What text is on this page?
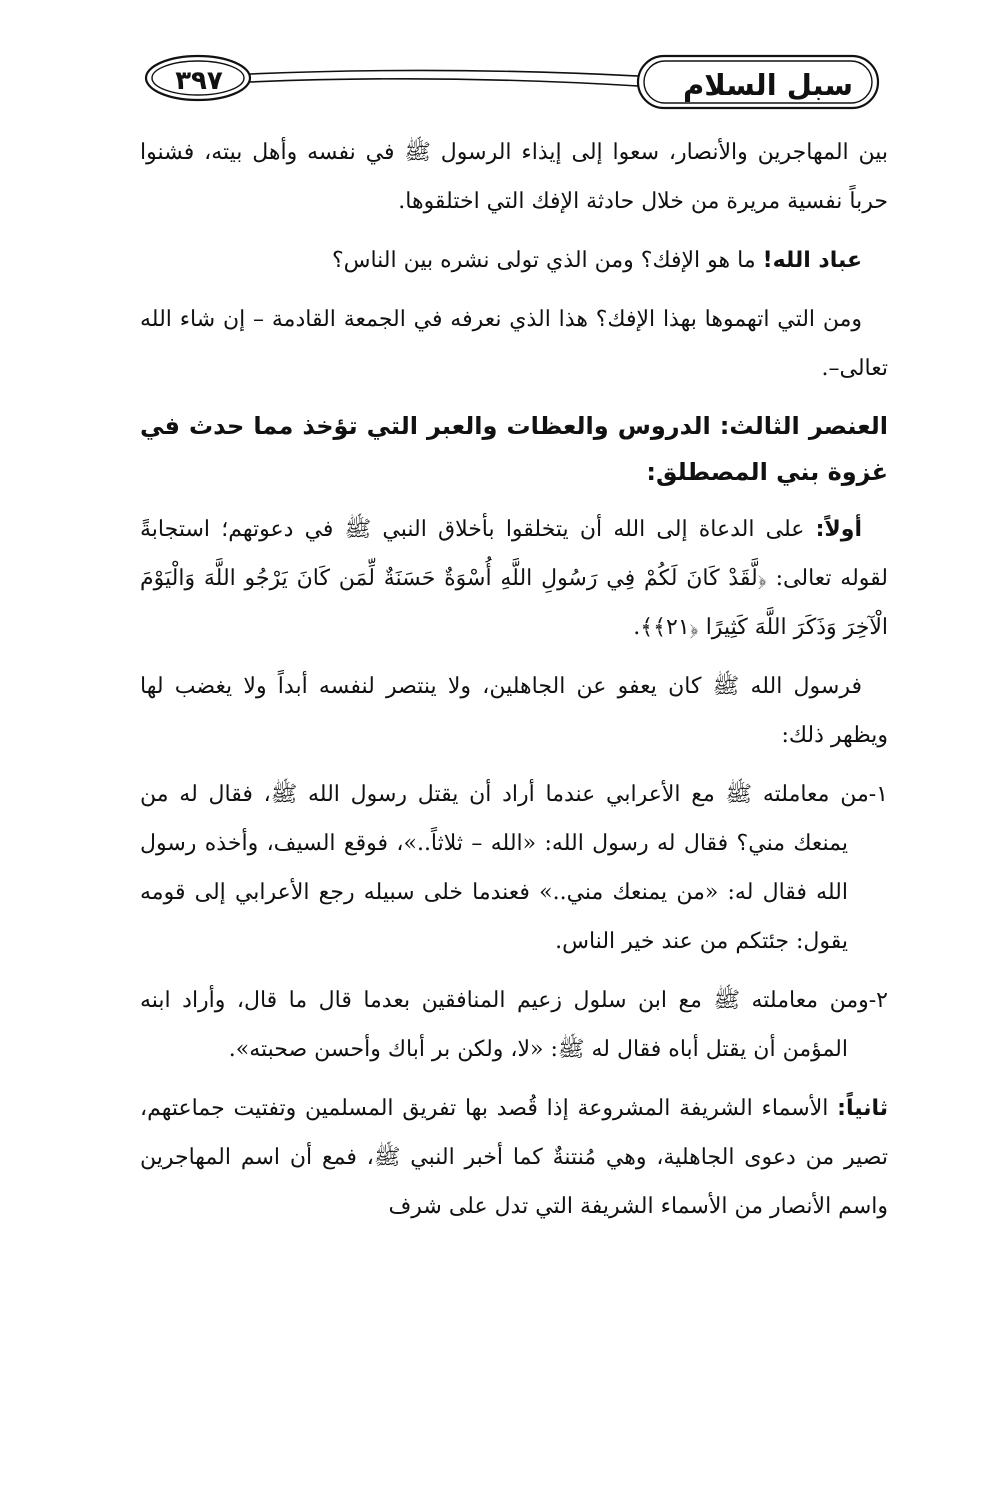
٣٩٧	سبل السلام

بين المهاجرين والأنصار، سعوا إلى إيذاء الرسول ﷺ في نفسه وأهل بيته، فشنوا حرباً نفسية مريرة من خلال حادثة الإفك التي اختلقوها.

عباد الله! ما هو الإفك؟ ومن الذي تولى نشره بين الناس؟

ومن التي اتهموها بهذا الإفك؟ هذا الذي نعرفه في الجمعة القادمة – إن شاء الله تعالى–.

العنصر الثالث: الدروس والعظات والعبر التي تؤخذ مما حدث في غزوة بني المصطلق:

أولاً: على الدعاة إلى الله أن يتخلقوا بأخلاق النبي ﷺ في دعوتهم؛ استجابةً لقوله تعالى: ﴿لَّقَدْ كَانَ لَكُمْ فِي رَسُولِ اللَّهِ أُسْوَةٌ حَسَنَةٌ لِّمَن كَانَ يَرْجُو اللَّهَ وَالْيَوْمَ الْآخِرَ وَذَكَرَ اللَّهَ كَثِيرًا ﴿٢١﴾﴾.

فرسول الله ﷺ كان يعفو عن الجاهلين، ولا ينتصر لنفسه أبداً ولا يغضب لها ويظهر ذلك:

١-من معاملته ﷺ مع الأعرابي عندما أراد أن يقتل رسول الله ﷺ، فقال له من يمنعك مني؟ فقال له رسول الله: «الله – ثلاثاً..»، فوقع السيف، وأخذه رسول الله فقال له: «من يمنعك مني..» فعندما خلى سبيله رجع الأعرابي إلى قومه يقول: جئتكم من عند خير الناس.

٢-ومن معاملته ﷺ مع ابن سلول زعيم المنافقين بعدما قال ما قال، وأراد ابنه المؤمن أن يقتل أباه فقال له ﷺ: «لا، ولكن بر أباك وأحسن صحبته».

ثانياً: الأسماء الشريفة المشروعة إذا قُصد بها تفريق المسلمين وتفتيت جماعتهم، تصير من دعوى الجاهلية، وهي مُنتنةٌ كما أخبر النبي ﷺ، فمع أن اسم المهاجرين واسم الأنصار من الأسماء الشريفة التي تدل على شرف
